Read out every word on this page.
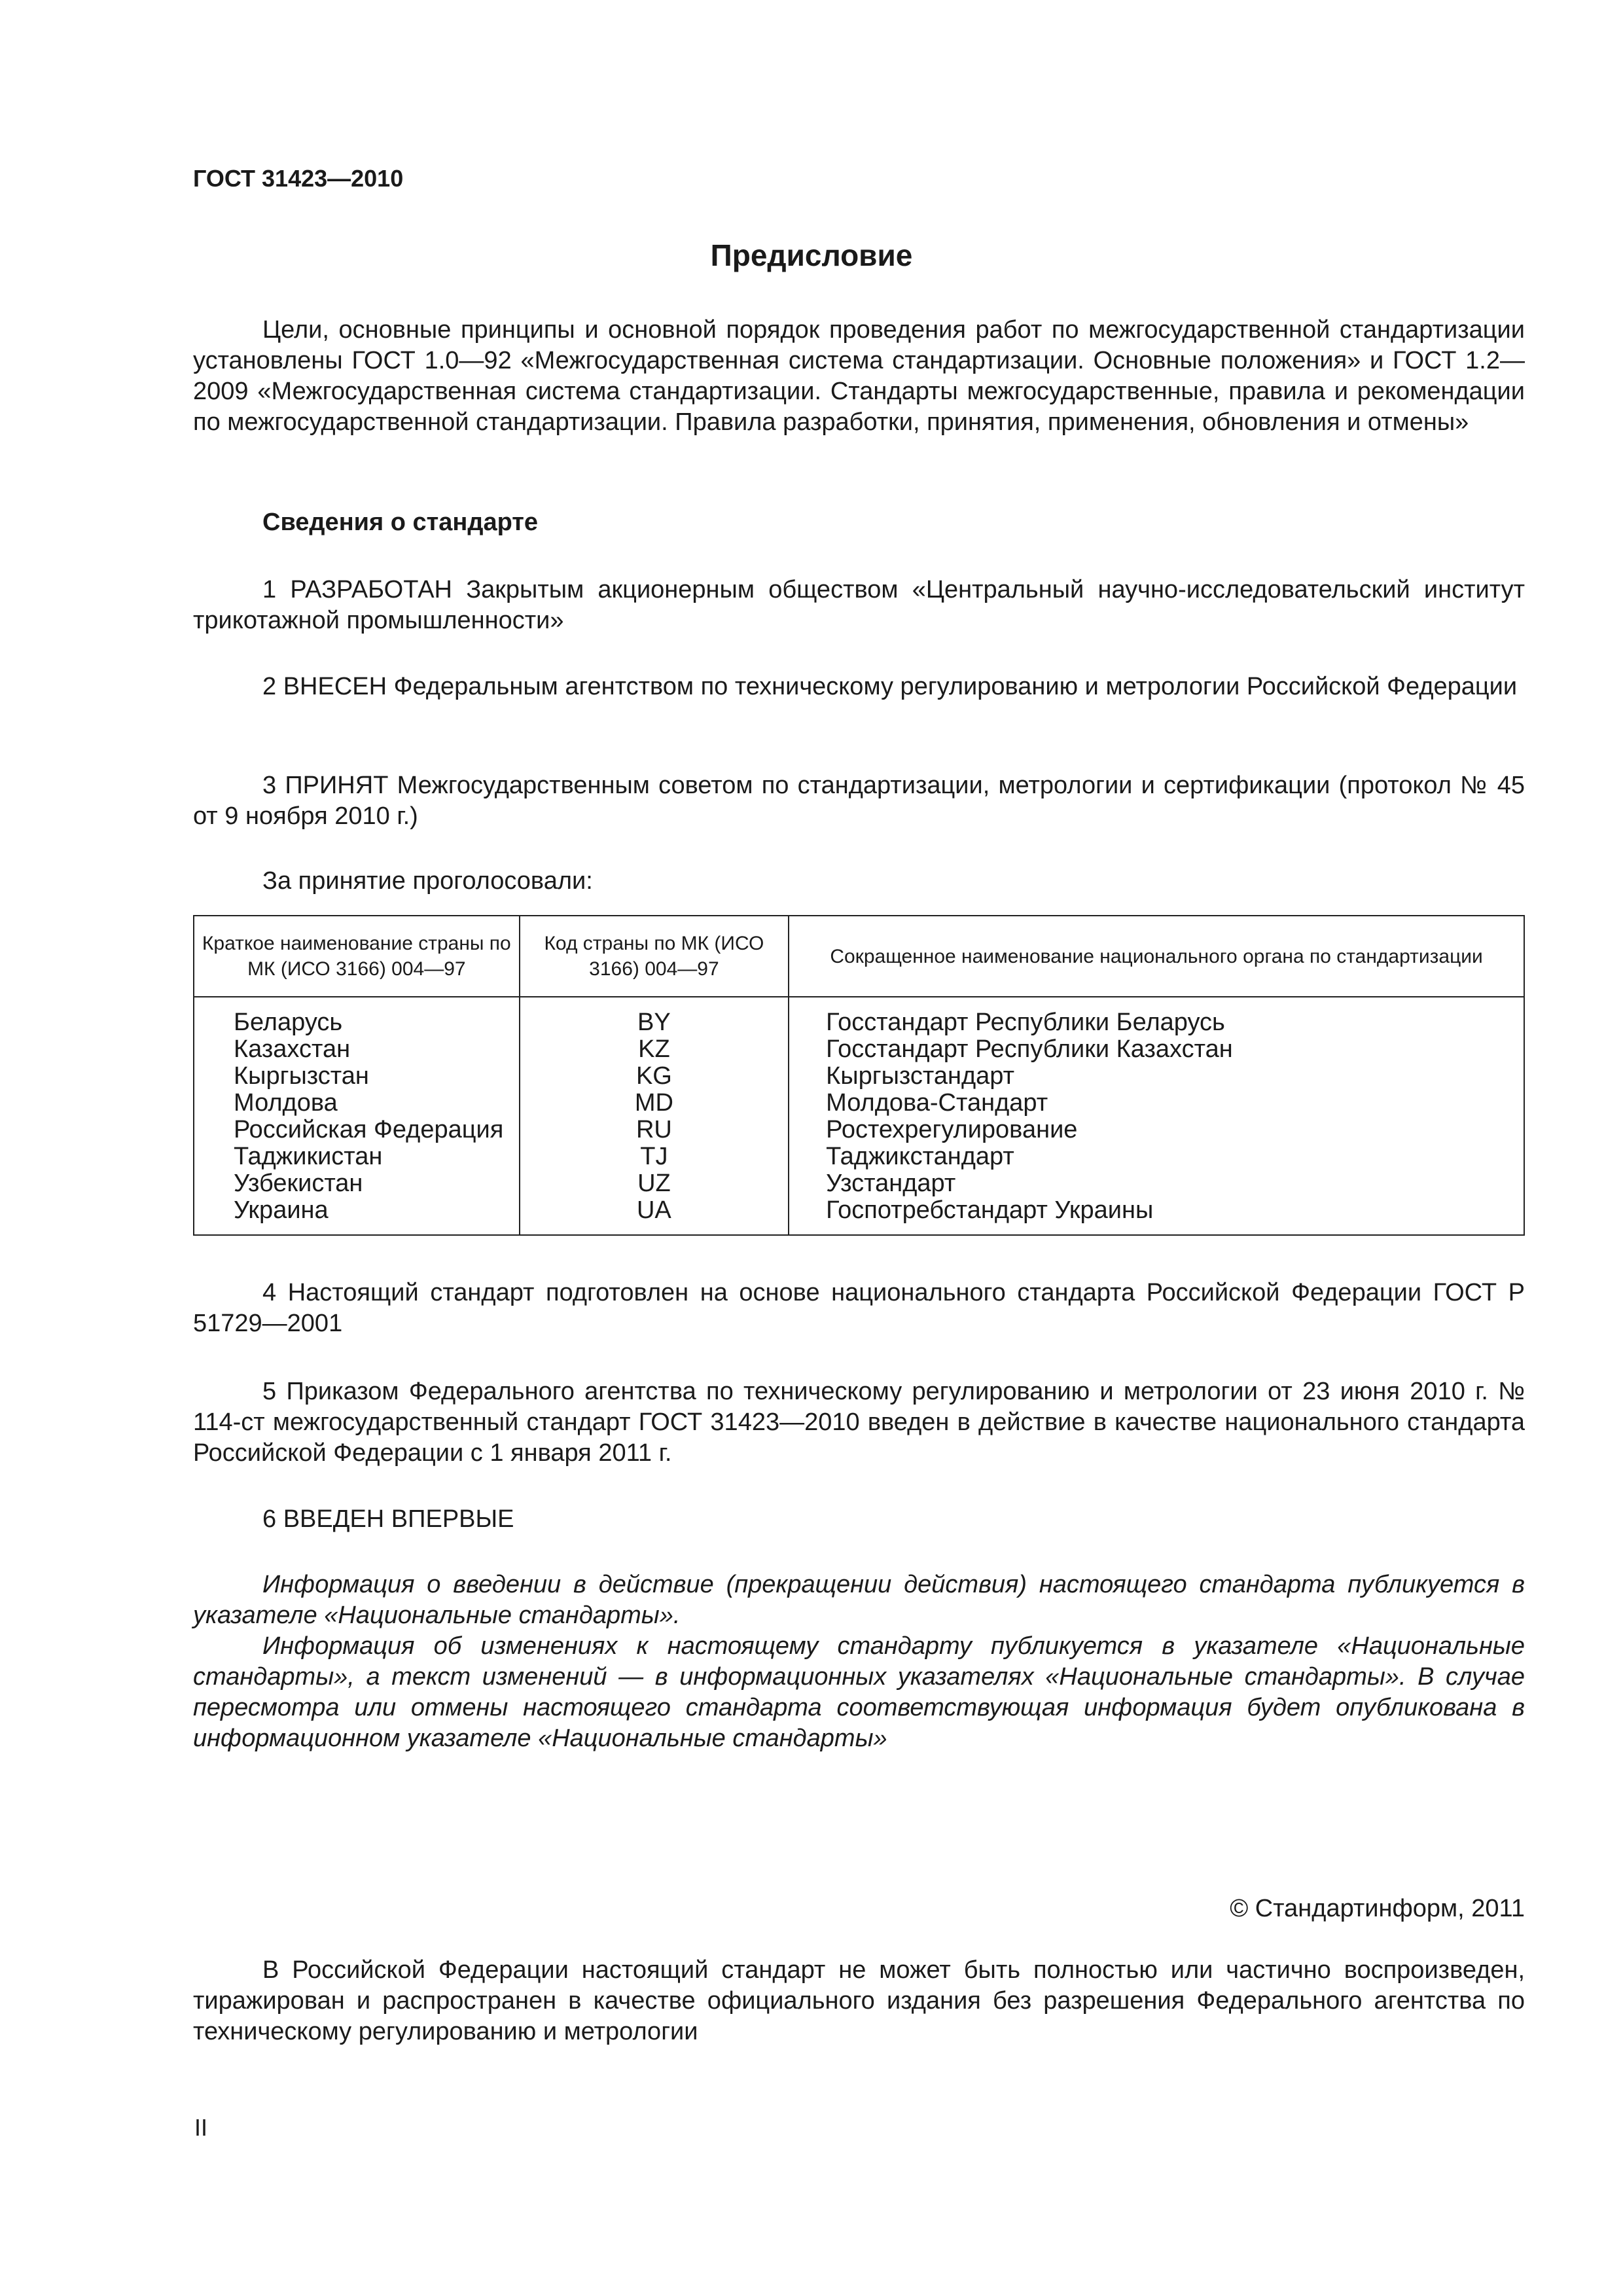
ГОСТ 31423—2010
Предисловие

Цели, основные принципы и основной порядок проведения работ по межгосударственной стандартизации установлены ГОСТ 1.0—92 «Межгосударственная система стандартизации. Основные положения» и ГОСТ 1.2—2009 «Межгосударственная система стандартизации. Стандарты межгосударственные, правила и рекомендации по межгосударственной стандартизации. Правила разработки, принятия, применения, обновления и отмены»

Сведения о стандарте

1 РАЗРАБОТАН Закрытым акционерным обществом «Центральный научно-исследовательский институт трикотажной промышленности»

2 ВНЕСЕН Федеральным агентством по техническому регулированию и метрологии Российской Федерации

3 ПРИНЯТ Межгосударственным советом по стандартизации, метрологии и сертификации (протокол № 45 от 9 ноября 2010 г.)

За принятие проголосовали:

Краткое наименование страны по МК (ИСО 3166) 004—97	Код страны по МК (ИСО 3166) 004—97	Сокращенное наименование национального органа по стандартизации
Беларусь	BY	Госстандарт Республики Беларусь
Казахстан	KZ	Госстандарт Республики Казахстан
Кыргызстан	KG	Кыргызстандарт
Молдова	MD	Молдова-Стандарт
Российская Федерация	RU	Ростехрегулирование
Таджикистан	TJ	Таджикстандарт
Узбекистан	UZ	Узстандарт
Украина	UA	Госпотребстандарт Украины

4 Настоящий стандарт подготовлен на основе национального стандарта Российской Федерации ГОСТ Р 51729—2001

5 Приказом Федерального агентства по техническому регулированию и метрологии от 23 июня 2010 г. № 114-ст межгосударственный стандарт ГОСТ 31423—2010 введен в действие в качестве национального стандарта Российской Федерации с 1 января 2011 г.

6 ВВЕДЕН ВПЕРВЫЕ

Информация о введении в действие (прекращении действия) настоящего стандарта публикуется в указателе «Национальные стандарты».

Информация об изменениях к настоящему стандарту публикуется в указателе «Национальные стандарты», а текст изменений — в информационных указателях «Национальные стандарты». В случае пересмотра или отмены настоящего стандарта соответствующая информация будет опубликована в информационном указателе «Национальные стандарты»

© Стандартинформ, 2011

В Российской Федерации настоящий стандарт не может быть полностью или частично воспроизведен, тиражирован и распространен в качестве официального издания без разрешения Федерального агентства по техническому регулированию и метрологии

II
